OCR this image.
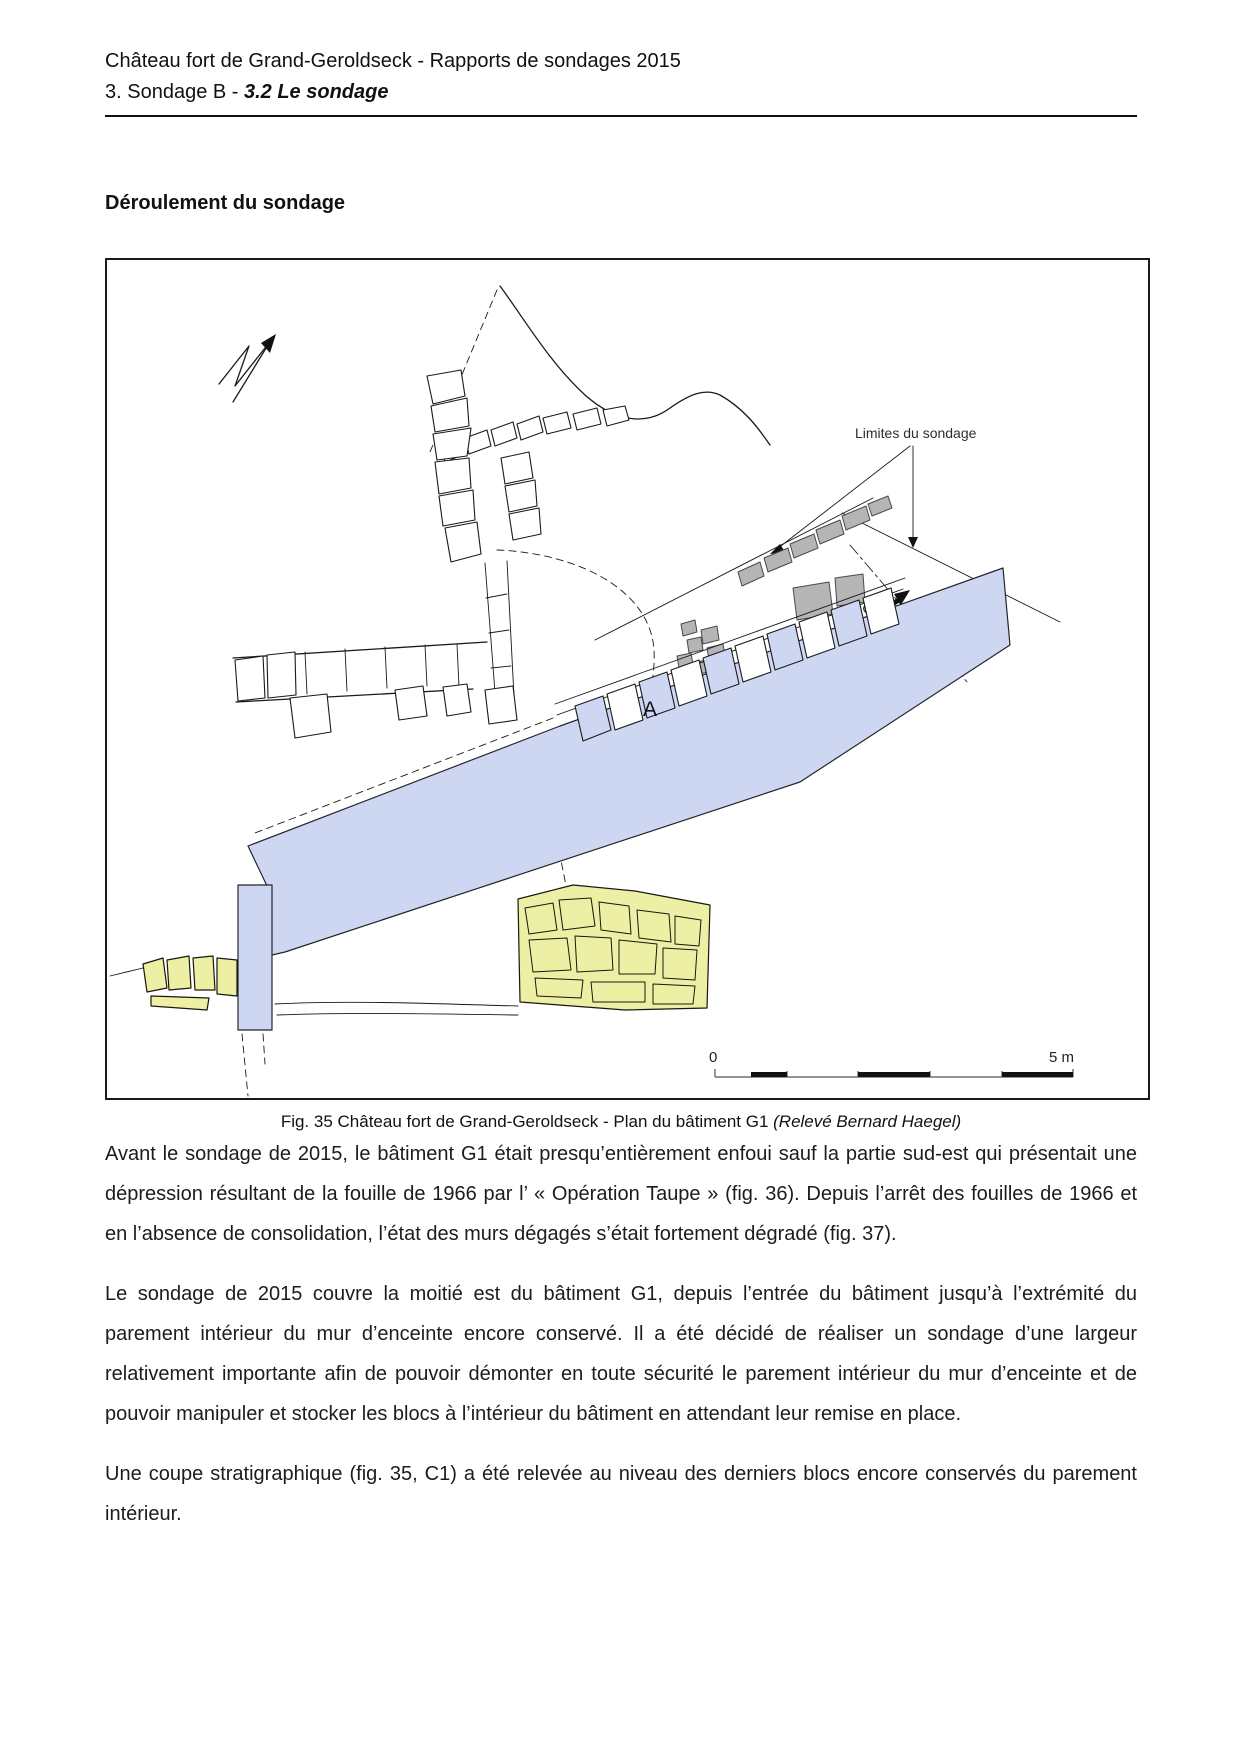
Château fort de Grand-Geroldseck - Rapports de sondages 2015
3. Sondage B - 3.2 Le sondage
Déroulement du sondage
Limites du sondage
A
0	5 m
Fig. 35 Château fort de Grand-Geroldseck - Plan du bâtiment G1 (Relevé Bernard Haegel)

Avant le sondage de 2015, le bâtiment G1 était presqu’entièrement enfoui sauf la partie sud-est qui présentait une dépression résultant de la fouille de 1966 par l’ « Opération Taupe » (fig. 36). Depuis l’arrêt des fouilles de 1966 et en l’absence de consolidation, l’état des murs dégagés s’était fortement dégradé (fig. 37).

Le sondage de 2015 couvre la moitié est du bâtiment G1, depuis l’entrée du bâtiment jusqu’à l’extrémité du parement intérieur du mur d’enceinte encore conservé. Il a été décidé de réaliser un sondage d’une largeur relativement importante afin de pouvoir démonter en toute sécurité le parement intérieur du mur d’enceinte et de pouvoir manipuler et stocker les blocs à l’intérieur du bâtiment en attendant leur remise en place.

Une coupe stratigraphique (fig. 35, C1) a été relevée au niveau des derniers blocs encore conservés du parement intérieur.
